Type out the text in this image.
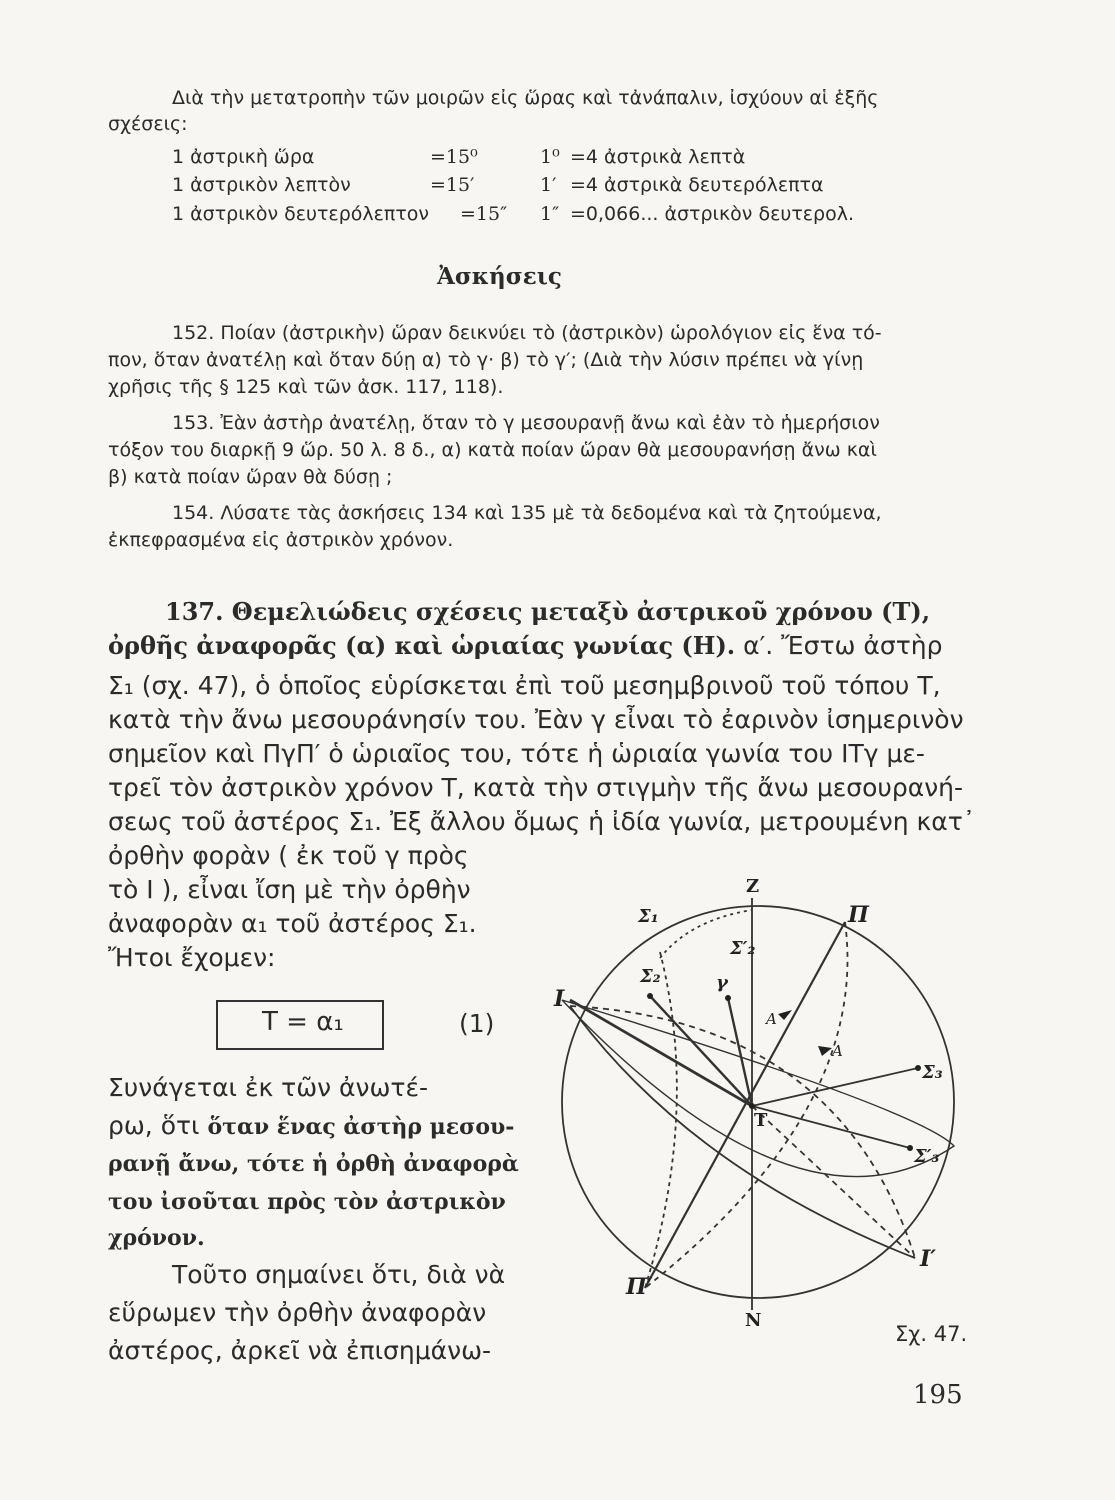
Διὰ τὴν μετατροπὴν τῶν μοιρῶν εἰς ὥρας καὶ τἀνάπαλιν, ἰσχύουν αἱ ἑξῆς
σχέσεις:
1 ἀστρικὴ ὥρα	=15⁰	1⁰ =4 ἀστρικὰ λεπτὰ
1 ἀστρικὸν λεπτὸν	=15′	1′ =4 ἀστρικὰ δευτερόλεπτα
1 ἀστρικὸν δευτερόλεπτον =15″ 1″ =0,066... ἀστρικὸν δευτερολ.
Ἀσκήσεις
152. Ποίαν (ἀστρικὴν) ὥραν δεικνύει τὸ (ἀστρικὸν) ὡρολόγιον εἰς ἕνα τό-
πον, ὅταν ἀνατέλῃ καὶ ὅταν δύῃ α) τὸ γ· β) τὸ γ′; (Διὰ τὴν λύσιν πρέπει νὰ γίνῃ
χρῆσις τῆς § 125 καὶ τῶν ἀσκ. 117, 118).
153. Ἐὰν ἀστὴρ ἀνατέλῃ, ὅταν τὸ γ μεσουρανῇ ἄνω καὶ ἐὰν τὸ ἡμερήσιον
τόξον του διαρκῇ 9 ὥρ. 50 λ. 8 δ., α) κατὰ ποίαν ὥραν θὰ μεσουρανήσῃ ἄνω καὶ
β) κατὰ ποίαν ὥραν θὰ δύσῃ ;
154. Λύσατε τὰς ἀσκήσεις 134 καὶ 135 μὲ τὰ δεδομένα καὶ τὰ ζητούμενα,
ἐκπεφρασμένα εἰς ἀστρικὸν χρόνον.
137. Θεμελιώδεις σχέσεις μεταξὺ ἀστρικοῦ χρόνου (Τ),
ὀρθῆς ἀναφορᾶς (α) καὶ ὡριαίας γωνίας (Η). α′. Ἔστω ἀστὴρ
Σ₁ (σχ. 47), ὁ ὁποῖος εὑρίσκεται ἐπὶ τοῦ μεσημβρινοῦ τοῦ τόπου Τ,
κατὰ τὴν ἄνω μεσουράνησίν του. Ἐὰν γ εἶναι τὸ ἐαρινὸν ἰσημερινὸν
σημεῖον καὶ ΠγΠ′ ὁ ὡριαῖος του, τότε ἡ ὡριαία γωνία του ΙΤγ με-
τρεῖ τὸν ἀστρικὸν χρόνον Τ, κατὰ τὴν στιγμὴν τῆς ἄνω μεσουρανή-
σεως τοῦ ἀστέρος Σ₁. Ἐξ ἄλλου ὅμως ἡ ἰδία γωνία, μετρουμένη κατ᾽
ὀρθὴν φορὰν ( ἐκ τοῦ γ πρὸς
τὸ Ι ), εἶναι ἴση μὲ τὴν ὀρθὴν
ἀναφορὰν α₁ τοῦ ἀστέρος Σ₁.
Ἤτοι ἔχομεν:
Τ = α₁	(1)
Συνάγεται ἐκ τῶν ἀνωτέ-
ρω, ὅτι ὅταν ἕνας ἀστὴρ μεσου-
ρανῇ ἄνω, τότε ἡ ὀρθὴ ἀναφορὰ
του ἰσοῦται πρὸς τὸν ἀστρικὸν
χρόνον.
Τοῦτο σημαίνει ὅτι, διὰ νὰ
εὕρωμεν τὴν ὀρθὴν ἀναφορὰν
ἀστέρος, ἀρκεῖ νὰ ἐπισημάνω-
Z
N
I
I′
T
Π
Π′
γ
Σ₁
Σ₂
Σ′₂
Σ₃
Σ′₃
A
A
Σχ. 47.
195
